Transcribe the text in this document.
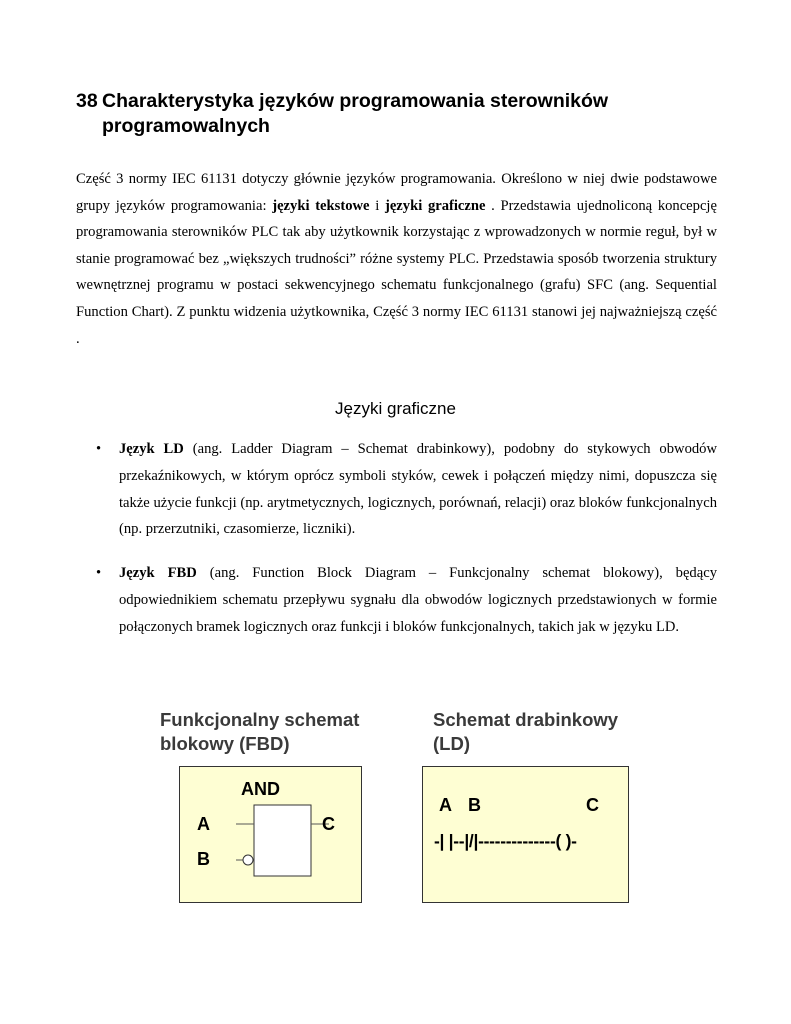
38 Charakterystyka języków programowania sterowników
programowalnych

Część 3 normy IEC 61131 dotyczy głównie języków programowania. Określono w niej dwie podstawowe grupy języków programowania: języki tekstowe i języki graficzne . Przedstawia ujednoliconą koncepcję programowania sterowników PLC tak aby użytkownik korzystając z wprowadzonych w normie reguł, był w stanie programować bez „większych trudności” różne systemy PLC. Przedstawia sposób tworzenia struktury wewnętrznej programu w postaci sekwencyjnego schematu funkcjonalnego (grafu) SFC (ang. Sequential Function Chart). Z punktu widzenia użytkownika, Część 3 normy IEC 61131 stanowi jej najważniejszą część .

Języki graficzne
• Język LD (ang. Ladder Diagram – Schemat drabinkowy), podobny do stykowych obwodów przekaźnikowych, w którym oprócz symboli styków, cewek i połączeń między nimi, dopuszcza się także użycie funkcji (np. arytmetycznych, logicznych, porównań, relacji) oraz bloków funkcjonalnych (np. przerzutniki, czasomierze, liczniki).
• Język FBD (ang. Function Block Diagram – Funkcjonalny schemat blokowy), będący odpowiednikiem schematu przepływu sygnału dla obwodów logicznych przedstawionych w formie połączonych bramek logicznych oraz funkcji i bloków funkcjonalnych, takich jak w języku LD.
Funkcjonalny schemat
blokowy (FBD)
AND
A
B
C
Schemat drabinkowy
(LD)
A B	C
-| |--|/|--------------( )-
